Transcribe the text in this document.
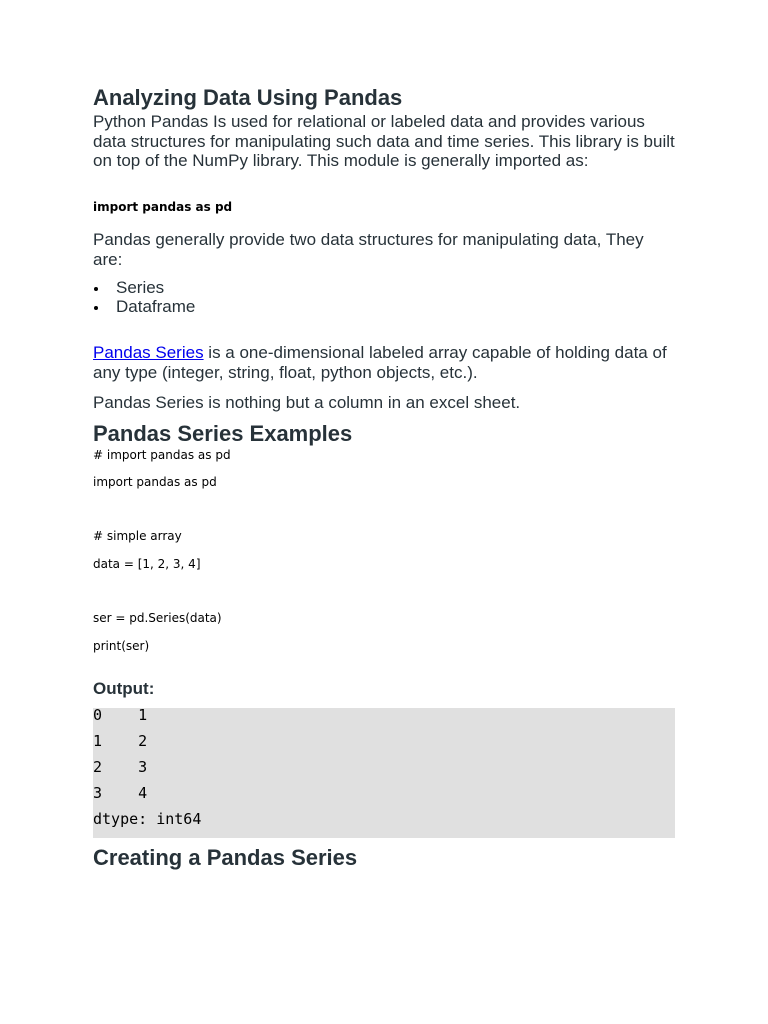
Analyzing Data Using Pandas

Python Pandas Is used for relational or labeled data and provides various data structures for manipulating such data and time series. This library is built on top of the NumPy library. This module is generally imported as:

import pandas as pd

Pandas generally provide two data structures for manipulating data, They are:

Series
Dataframe

Pandas Series is a one-dimensional labeled array capable of holding data of any type (integer, string, float, python objects, etc.).

Pandas Series is nothing but a column in an excel sheet.

Pandas Series Examples
# import pandas as pd
import pandas as pd
# simple array
data = [1, 2, 3, 4]
ser = pd.Series(data)
print(ser)

Output:

0    1
1    2
2    3
3    4
dtype: int64
Creating a Pandas Series
